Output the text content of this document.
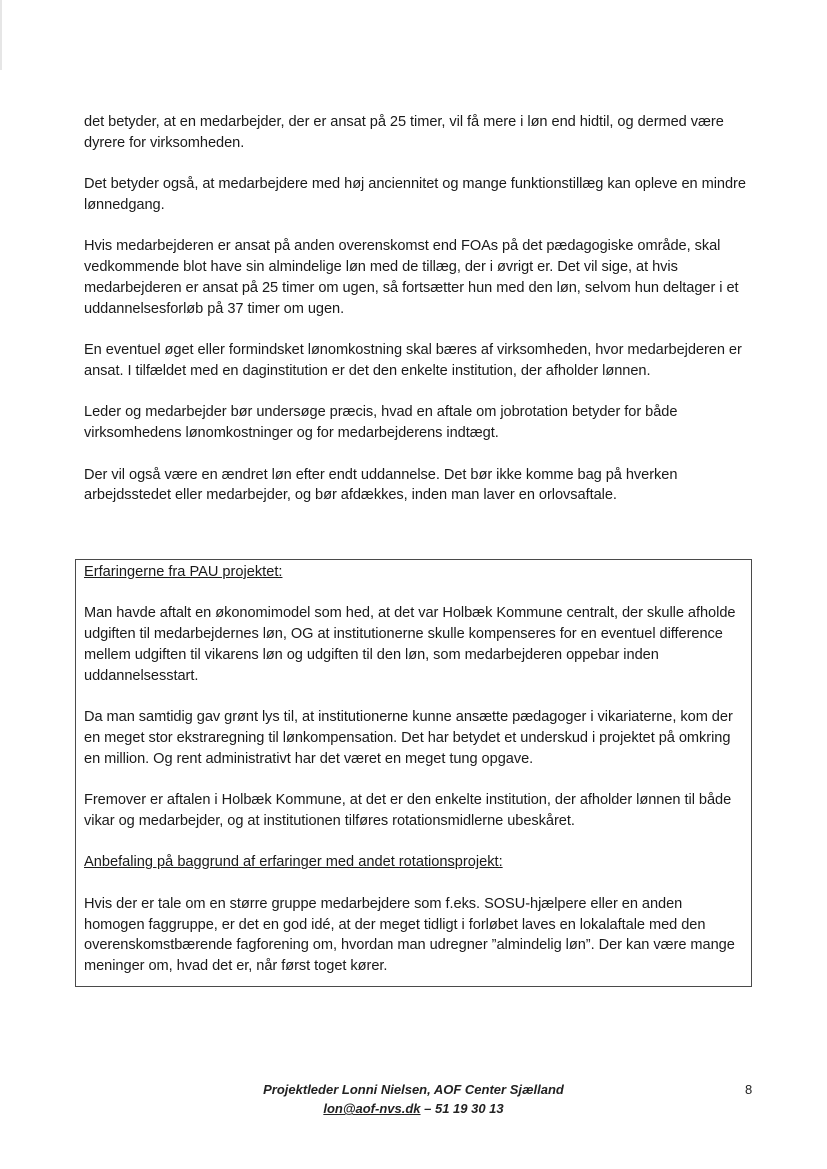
det betyder, at en medarbejder, der er ansat på 25 timer, vil få mere i løn end hidtil, og dermed være dyrere for virksomheden.

Det betyder også, at medarbejdere med høj anciennitet og mange funktionstillæg kan opleve en mindre lønnedgang.

Hvis medarbejderen er ansat på anden overenskomst end FOAs på det pædagogiske område, skal vedkommende blot have sin almindelige løn med de tillæg, der i øvrigt er. Det vil sige, at hvis medarbejderen er ansat på 25 timer om ugen, så fortsætter hun med den løn, selvom hun deltager i et uddannelsesforløb på 37 timer om ugen.

En eventuel øget eller formindsket lønomkostning skal bæres af virksomheden, hvor medarbejderen er ansat. I tilfældet med en daginstitution er det den enkelte institution, der afholder lønnen.

Leder og medarbejder bør undersøge præcis, hvad en aftale om jobrotation betyder for både virksomhedens lønomkostninger og for medarbejderens indtægt.

Der vil også være en ændret løn efter endt uddannelse. Det bør ikke komme bag på hverken arbejdsstedet eller medarbejder, og bør afdækkes, inden man laver en orlovsaftale.

Erfaringerne fra PAU projektet:

Man havde aftalt en økonomimodel som hed, at det var Holbæk Kommune centralt, der skulle afholde udgiften til medarbejdernes løn, OG at institutionerne skulle kompenseres for en eventuel difference mellem udgiften til vikarens løn og udgiften til den løn, som medarbejderen oppebar inden uddannelsesstart.

Da man samtidig gav grønt lys til, at institutionerne kunne ansætte pædagoger i vikariaterne, kom der en meget stor ekstraregning til lønkompensation. Det har betydet et underskud i projektet på omkring en million. Og rent administrativt har det været en meget tung opgave.

Fremover er aftalen i Holbæk Kommune, at det er den enkelte institution, der afholder lønnen til både vikar og medarbejder, og at institutionen tilføres rotationsmidlerne ubeskåret.

Anbefaling på baggrund af erfaringer med andet rotationsprojekt:

Hvis der er tale om en større gruppe medarbejdere som f.eks. SOSU-hjælpere eller en anden homogen faggruppe, er det en god idé, at der meget tidligt i forløbet laves en lokalaftale med den overenskomstbærende fagforening om, hvordan man udregner ”almindelig løn”. Der kan være mange meninger om, hvad det er, når først toget kører.

Projektleder Lonni Nielsen, AOF Center Sjælland
lon@aof-nvs.dk – 51 19 30 13
8
